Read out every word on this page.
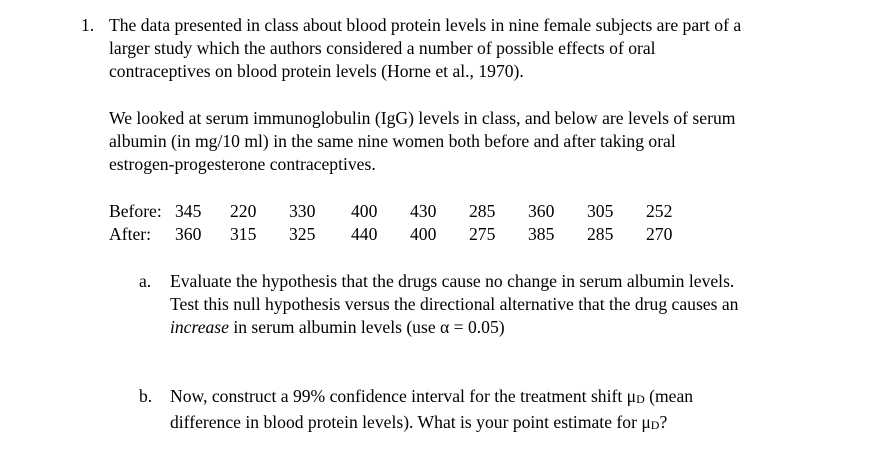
1. The data presented in class about blood protein levels in nine female subjects are part of a
larger study which the authors considered a number of possible effects of oral
contraceptives on blood protein levels (Horne et al., 1970).
We looked at serum immunoglobulin (IgG) levels in class, and below are levels of serum
albumin (in mg/10 ml) in the same nine women both before and after taking oral
estrogen-progesterone contraceptives.
Before:	345	220	330	400	430	285	360	305	252
After:	360	315	325	440	400	275	385	285	270
a. Evaluate the hypothesis that the drugs cause no change in serum albumin levels.
Test this null hypothesis versus the directional alternative that the drug causes an
increase in serum albumin levels (use α = 0.05)
b. Now, construct a 99% confidence interval for the treatment shift μD (mean
difference in blood protein levels). What is your point estimate for μD?
